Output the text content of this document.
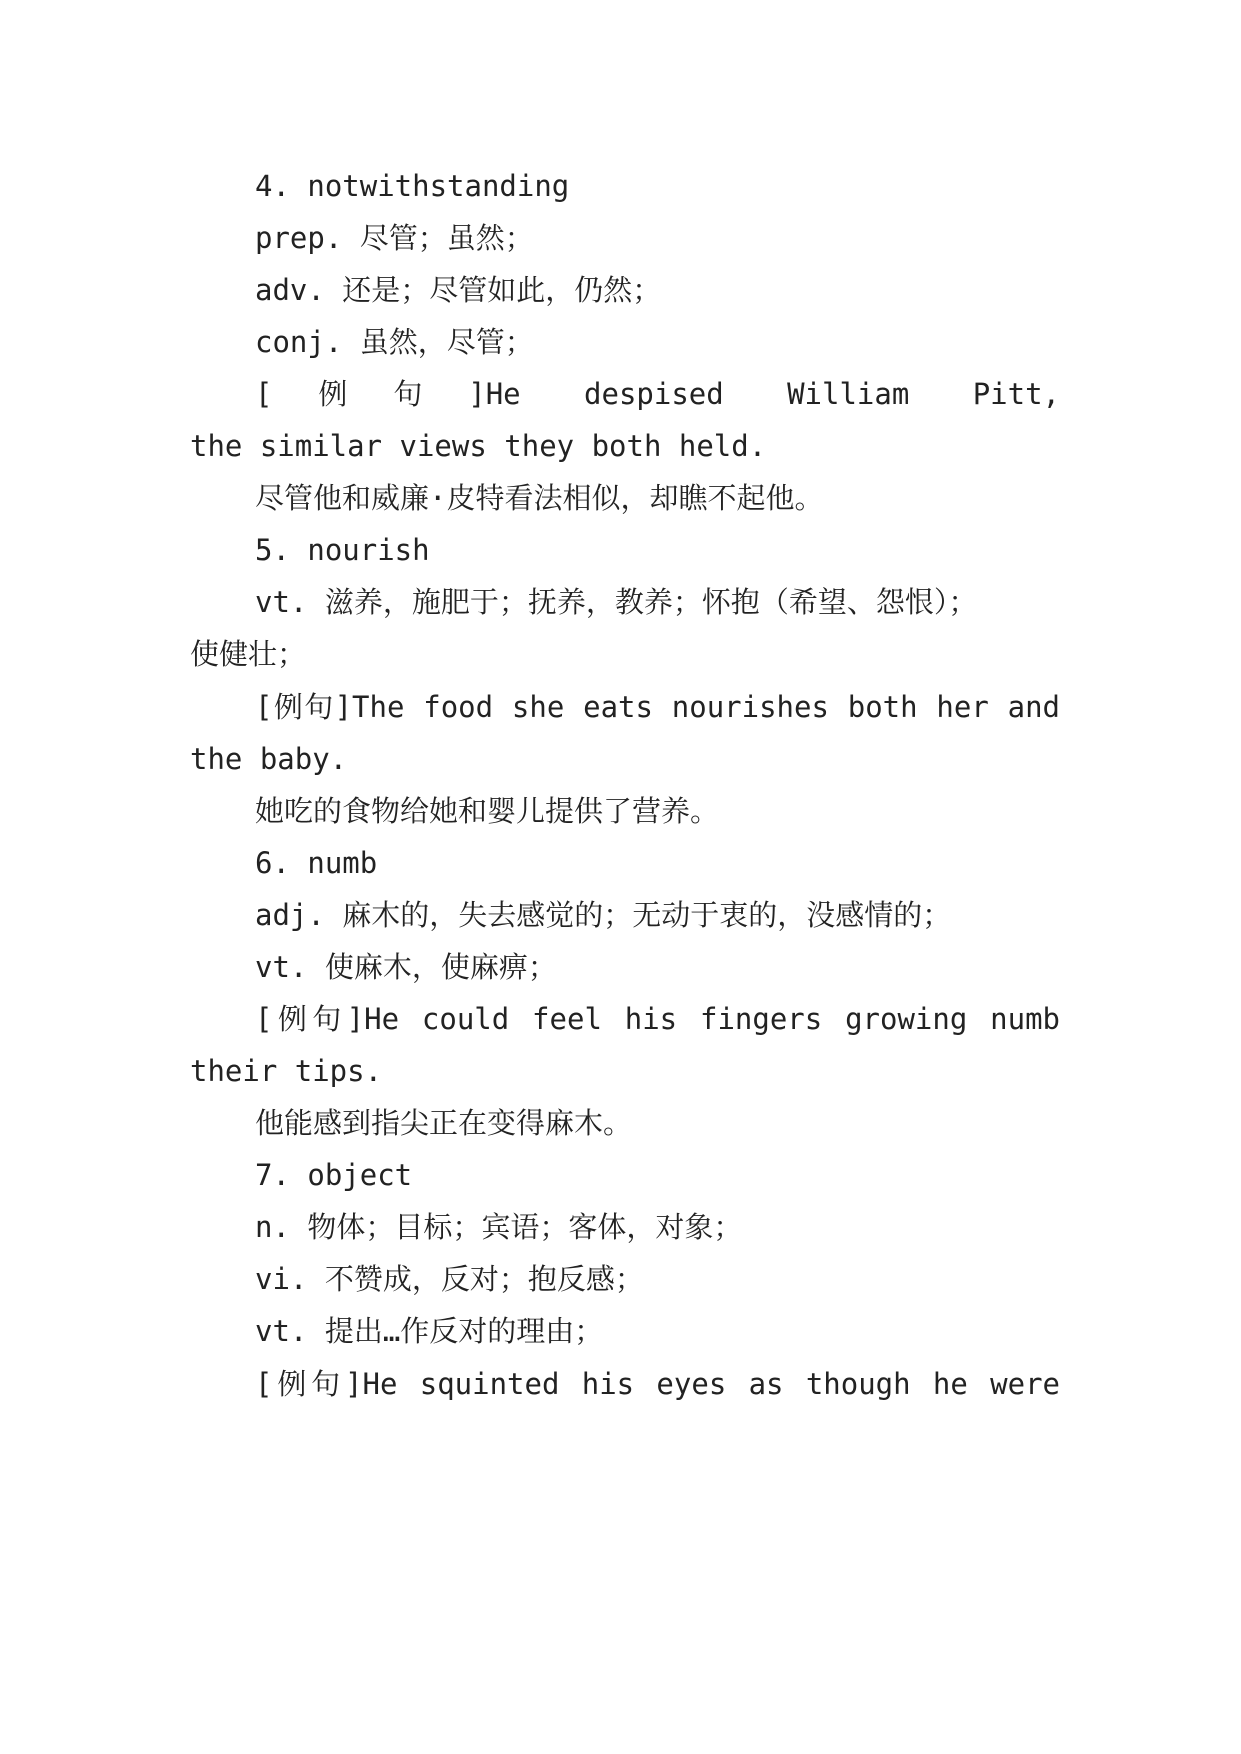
4. notwithstanding
prep. 尽管；虽然；
adv. 还是；尽管如此，仍然；
conj. 虽然，尽管；
[例句]He despised William Pitt,
the similar views they both held.
尽管他和威廉·皮特看法相似，却瞧不起他。
5. nourish
vt. 滋养，施肥于；抚养，教养；怀抱（希望、怨恨）；
使健壮；
[例句]The food she eats nourishes both her and
the baby.
她吃的食物给她和婴儿提供了营养。
6. numb
adj. 麻木的，失去感觉的；无动于衷的，没感情的；
vt. 使麻木，使麻痹；
[例句]He could feel his fingers growing numb
their tips.
他能感到指尖正在变得麻木。
7. object
n. 物体；目标；宾语；客体，对象；
vi. 不赞成，反对；抱反感；
vt. 提出…作反对的理由；
[例句]He squinted his eyes as though he were
